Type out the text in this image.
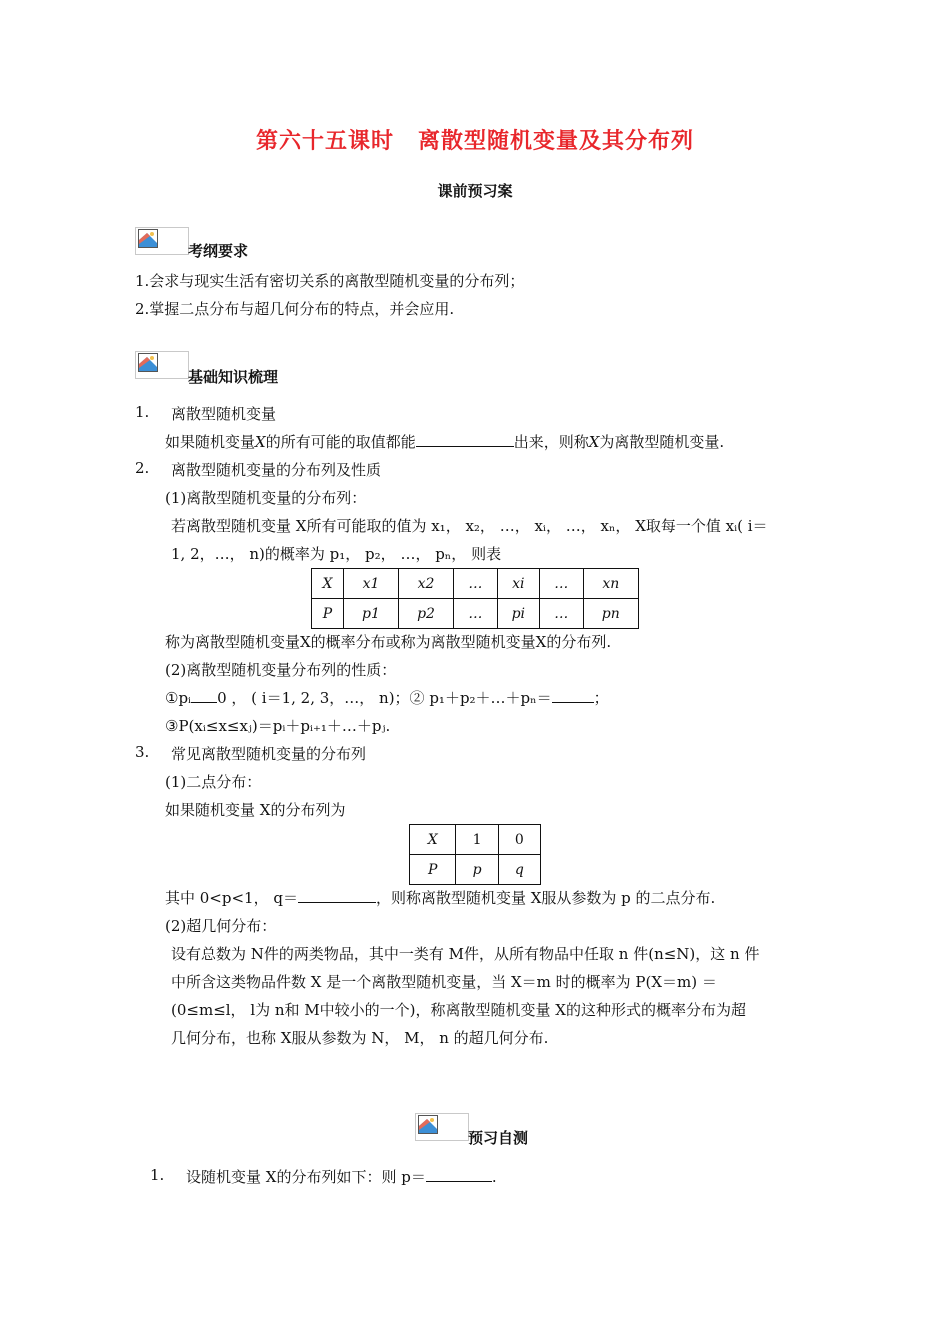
第六十五课时 离散型随机变量及其分布列
课前预习案
考纲要求
1.会求与现实生活有密切关系的离散型随机变量的分布列；
2.掌握二点分布与超几何分布的特点，并会应用.
基础知识梳理
1. 离散型随机变量
如果随机变量X的所有可能的取值都能	出来，则称X为离散型随机变量.
2. 离散型随机变量的分布列及性质
(1)离散型随机变量的分布列：
若离散型随机变量 X所有可能取的值为 x₁， x₂， …， xᵢ， …， xₙ， X取每一个值 xᵢ( i＝
1, 2，…， n)的概率为 p₁， p₂， …， pₙ， 则表
X	x1	x2	…	xi	…	xn
P	p1	p2	…	pi	…	pn
称为离散型随机变量X的概率分布或称为离散型随机变量X的分布列.
(2)离散型随机变量分布列的性质：
①pᵢ 0 ， ( i＝1, 2, 3，…， n)；② p₁＋p₂＋…＋pₙ＝	；
③P(xᵢ≤x≤xⱼ)＝pᵢ＋pᵢ₊₁＋…＋pⱼ.
3. 常见离散型随机变量的分布列
(1)二点分布：
如果随机变量 X的分布列为
X	1	0
P	p	q
其中 0<p<1， q＝	，则称离散型随机变量 X服从参数为 p 的二点分布.
(2)超几何分布：
设有总数为 N件的两类物品，其中一类有 M件，从所有物品中任取 n 件(n≤N)，这 n 件
中所含这类物品件数 X 是一个离散型随机变量，当 X＝m 时的概率为 P(X＝m) ＝
(0≤m≤l， l为 n和 M中较小的一个)，称离散型随机变量 X的这种形式的概率分布为超
几何分布，也称 X服从参数为 N， M， n 的超几何分布.
预习自测
1. 设随机变量 X的分布列如下：则 p＝	.
